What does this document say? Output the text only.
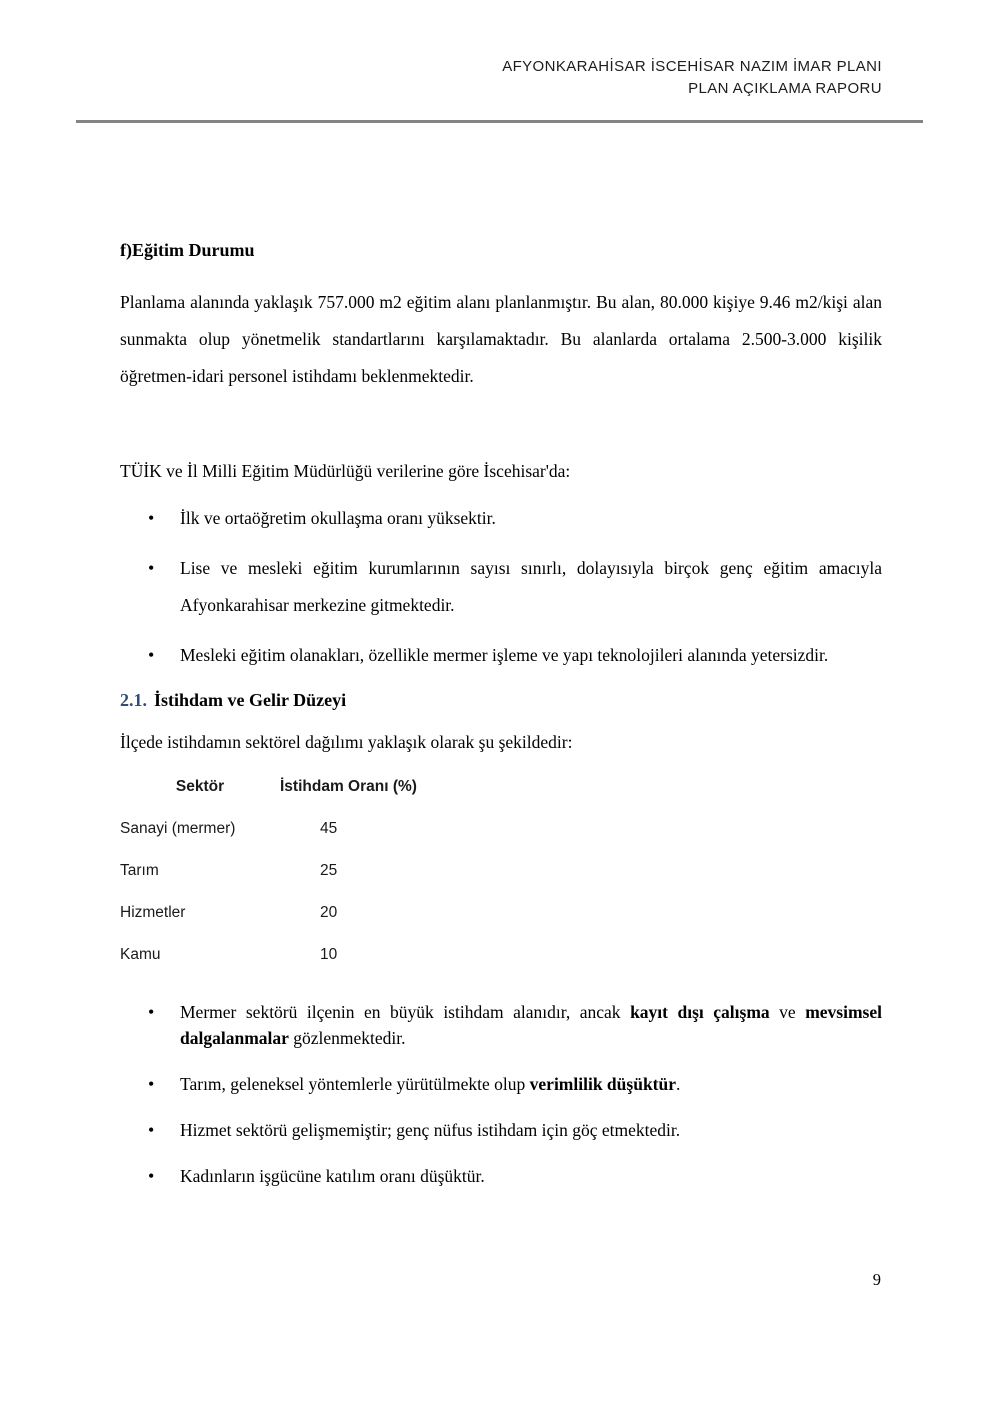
AFYONKARAHİSAR İSCEHİSAR NAZIM İMAR PLANI
PLAN AÇIKLAMA RAPORU
f)Eğitim Durumu

Planlama alanında yaklaşık 757.000 m2 eğitim alanı planlanmıştır. Bu alan, 80.000 kişiye 9.46 m2/kişi alan sunmakta olup yönetmelik standartlarını karşılamaktadır. Bu alanlarda ortalama 2.500-3.000 kişilik öğretmen-idari personel istihdamı beklenmektedir.

TÜİK ve İl Milli Eğitim Müdürlüğü verilerine göre İscehisar'da:

• İlk ve ortaöğretim okullaşma oranı yüksektir.
• Lise ve mesleki eğitim kurumlarının sayısı sınırlı, dolayısıyla birçok genç eğitim amacıyla Afyonkarahisar merkezine gitmektedir.
• Mesleki eğitim olanakları, özellikle mermer işleme ve yapı teknolojileri alanında yetersizdir.
2.1. İstihdam ve Gelir Düzeyi

İlçede istihdamın sektörel dağılımı yaklaşık olarak şu şekildedir:

Sektör	İstihdam Oranı (%)
Sanayi (mermer)	45
Tarım	25
Hizmetler	20
Kamu	10
• Mermer sektörü ilçenin en büyük istihdam alanıdır, ancak kayıt dışı çalışma ve mevsimsel dalgalanmalar gözlenmektedir.
• Tarım, geleneksel yöntemlerle yürütülmekte olup verimlilik düşüktür.
• Hizmet sektörü gelişmemiştir; genç nüfus istihdam için göç etmektedir.
• Kadınların işgücüne katılım oranı düşüktür.
9
